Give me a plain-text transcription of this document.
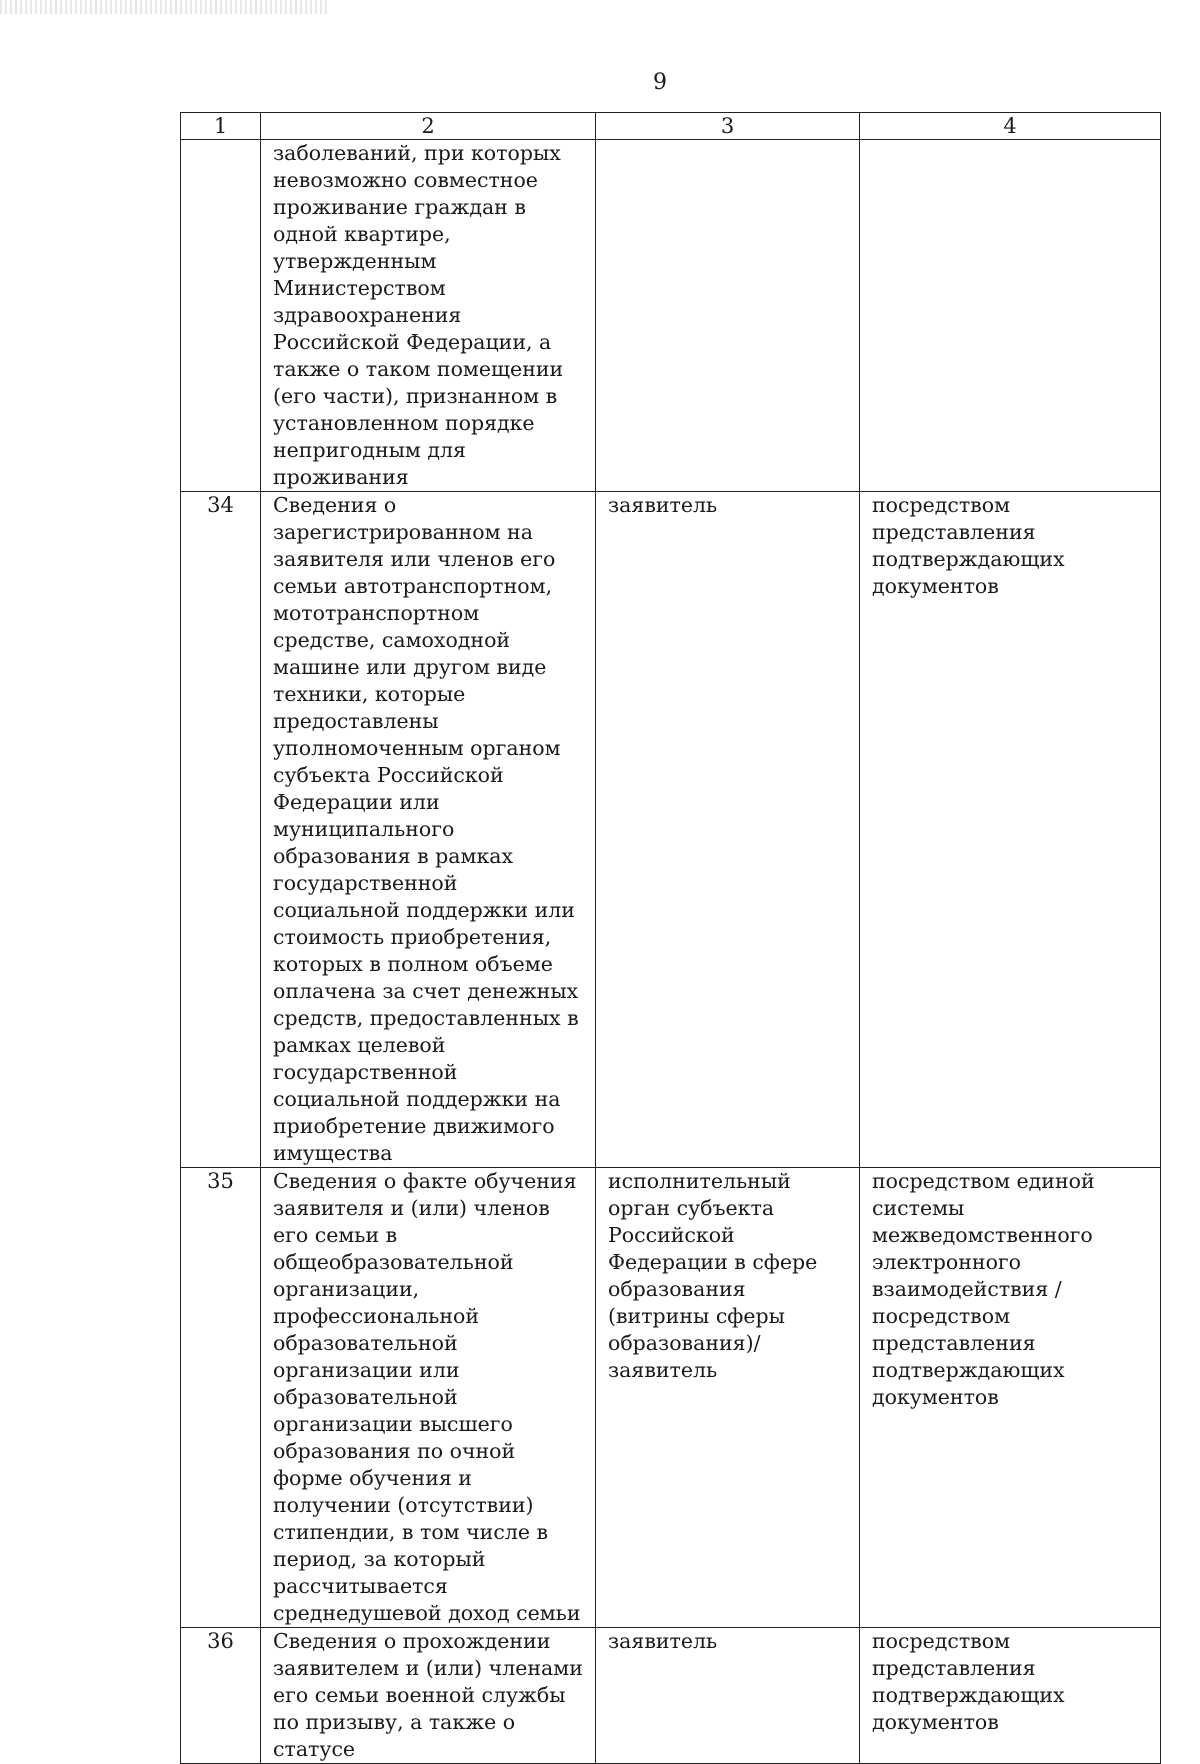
9
1	2	3	4

	заболеваний, при которых невозможно совместное проживание граждан в одной квартире, утвержденным Министерством здравоохранения Российской Федерации, а также о таком помещении (его части), признанном в установленном порядке непригодным для проживания		

34	Сведения о зарегистрированном на заявителя или членов его семьи автотранспортном, мототранспортном средстве, самоходной машине или другом виде техники, которые предоставлены уполномоченным органом субъекта Российской Федерации или муниципального образования в рамках государственной социальной поддержки или стоимость приобретения, которых в полном объеме оплачена за счет денежных средств, предоставленных в рамках целевой государственной социальной поддержки на приобретение движимого имущества	заявитель	посредством представления подтверждающих документов

35	Сведения о факте обучения заявителя и (или) членов его семьи в общеобразовательной организации, профессиональной образовательной организации или образовательной организации высшего образования по очной форме обучения и получении (отсутствии) стипендии, в том числе в период, за который рассчитывается среднедушевой доход семьи	исполнительный орган субъекта Российской Федерации в сфере образования (витрины сферы образования)/ заявитель	посредством единой системы межведомственного электронного взаимодействия / посредством представления подтверждающих документов

36	Сведения о прохождении заявителем и (или) членами его семьи военной службы по призыву, а также о статусе	заявитель	посредством представления подтверждающих документов
